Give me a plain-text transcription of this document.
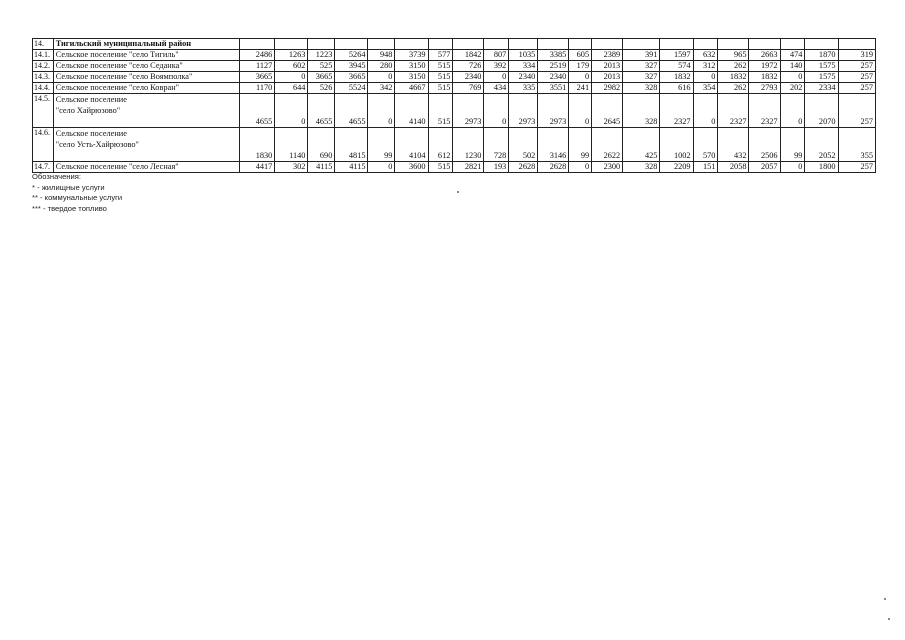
14.	Тигильский муниципальный район																					
14.1.	Сельское поселение "село Тигиль"	2486	1263	1223	5264	948	3739	577	1842	807	1035	3385	605	2389	391	1597	632	965	2663	474	1870	319
14.2.	Сельское поселение "село Седанка"	1127	602	525	3945	280	3150	515	726	392	334	2519	179	2013	327	574	312	262	1972	140	1575	257
14.3.	Сельское поселение "село Воямполка"	3665	0	3665	3665	0	3150	515	2340	0	2340	2340	0	2013	327	1832	0	1832	1832	0	1575	257
14.4.	Сельское поселение "село Ковран"	1170	644	526	5524	342	4667	515	769	434	335	3551	241	2982	328	616	354	262	2793	202	2334	257
14.5.	Сельское поселение
"село Хайрюзово"	4655	0	4655	4655	0	4140	515	2973	0	2973	2973	0	2645	328	2327	0	2327	2327	0	2070	257
14.6.	Сельское поселение
"село Усть-Хайрюзово"	1830	1140	690	4815	99	4104	612	1230	728	502	3146	99	2622	425	1002	570	432	2506	99	2052	355
14.7.	Сельское поселение "село Лесная"	4417	302	4115	4115	0	3600	515	2821	193	2628	2628	0	2300	328	2209	151	2058	2057	0	1800	257
Обозначения:
* - жилищные услуги
** - коммунальные услуги
*** - твердое топливо
